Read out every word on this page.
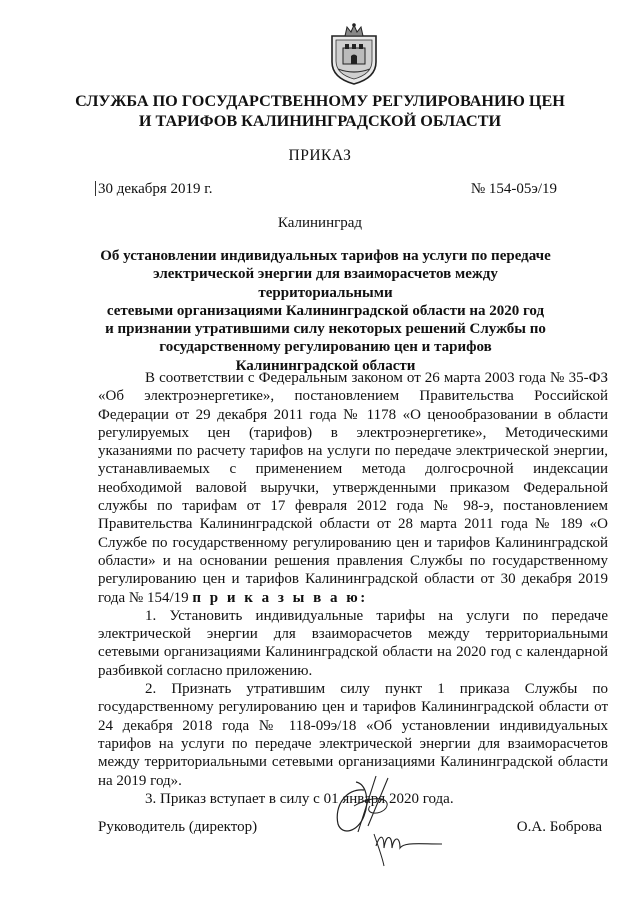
СЛУЖБА ПО ГОСУДАРСТВЕННОМУ РЕГУЛИРОВАНИЮ ЦЕН
И ТАРИФОВ КАЛИНИНГРАДСКОЙ ОБЛАСТИ
ПРИКАЗ
30 декабря 2019 г.	№ 154-05э/19
Калининград
Об установлении индивидуальных тарифов на услуги по передаче
электрической энергии для взаиморасчетов между территориальными
сетевыми организациями Калининградской области на 2020 год
и признании утратившими силу некоторых решений Службы по
государственному регулированию цен и тарифов
Калининградской области

В соответствии с Федеральным законом от 26 марта 2003 года № 35-ФЗ «Об электроэнергетике», постановлением Правительства Российской Федерации от 29 декабря 2011 года № 1178 «О ценообразовании в области регулируемых цен (тарифов) в электроэнергетике», Методическими указаниями по расчету тарифов на услуги по передаче электрической энергии, устанавливаемых с применением метода долгосрочной индексации необходимой валовой выручки, утвержденными приказом Федеральной службы по тарифам от 17 февраля 2012 года № 98-э, постановлением Правительства Калининградской области от 28 марта 2011 года № 189 «О Службе по государственному регулированию цен и тарифов Калининградской области» и на основании решения правления Службы по государственному регулированию цен и тарифов Калининградской области от 30 декабря 2019 года № 154/19 п р и к а з ы в а ю:

1. Установить индивидуальные тарифы на услуги по передаче электрической энергии для взаиморасчетов между территориальными сетевыми организациями Калининградской области на 2020 год с календарной разбивкой согласно приложению.

2. Признать утратившим силу пункт 1 приказа Службы по государственному регулированию цен и тарифов Калининградской области от 24 декабря 2018 года № 118-09э/18 «Об установлении индивидуальных тарифов на услуги по передаче электрической энергии для взаиморасчетов между территориальными сетевыми организациями Калининградской области на 2019 год».

3. Приказ вступает в силу с 01 января 2020 года.

Руководитель (директор)	О.А. Боброва
